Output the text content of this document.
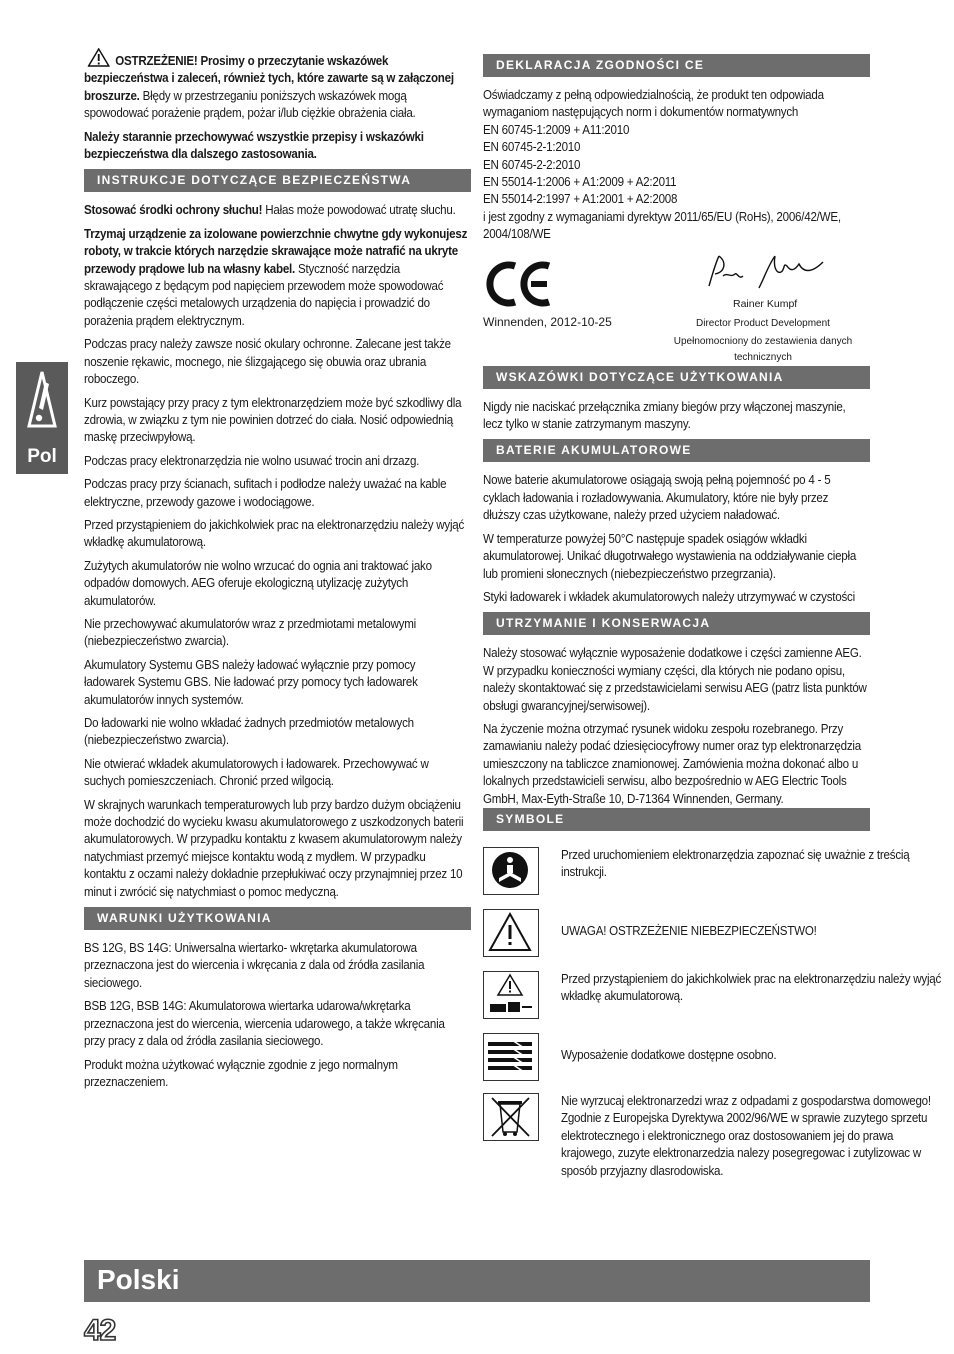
Pol

OSTRZEŻENIE! Prosimy o przeczytanie wskazówek bezpieczeństwa i zaleceń, również tych, które zawarte są w załączonej broszurze. Błędy w przestrzeganiu poniższych wskazówek mogą spowodować porażenie prądem, pożar i/lub ciężkie obrażenia ciała.

Należy starannie przechowywać wszystkie przepisy i wskazówki bezpieczeństwa dla dalszego zastosowania.

INSTRUKCJE DOTYCZĄCE BEZPIECZEŃSTWA

Stosować środki ochrony słuchu! Hałas może powodować utratę słuchu.

Trzymaj urządzenie za izolowane powierzchnie chwytne gdy wykonujesz roboty, w trakcie których narzędzie skrawające może natrafić na ukryte przewody prądowe lub na własny kabel. Styczność narzędzia skrawającego z będącym pod napięciem przewodem może spowodować podłączenie części metalowych urządzenia do napięcia i prowadzić do porażenia prądem elektrycznym.

Podczas pracy należy zawsze nosić okulary ochronne. Zalecane jest także noszenie rękawic, mocnego, nie ślizgającego się obuwia oraz ubrania roboczego.

Kurz powstający przy pracy z tym elektronarzędziem może być szkodliwy dla zdrowia, w związku z tym nie powinien dotrzeć do ciała. Nosić odpowiednią maskę przeciwpyłową.

Podczas pracy elektronarzędzia nie wolno usuwać trocin ani drzazg.

Podczas pracy przy ścianach, sufitach i podłodze należy uważać na kable elektryczne, przewody gazowe i wodociągowe.

Przed przystąpieniem do jakichkolwiek prac na elektronarzędziu należy wyjąć wkładkę akumulatorową.

Zużytych akumulatorów nie wolno wrzucać do ognia ani traktować jako odpadów domowych. AEG oferuje ekologiczną utylizację zużytych akumulatorów.

Nie przechowywać akumulatorów wraz z przedmiotami metalowymi (niebezpieczeństwo zwarcia).

Akumulatory Systemu GBS należy ładować wyłącznie przy pomocy ładowarek Systemu GBS. Nie ładować przy pomocy tych ładowarek akumulatorów innych systemów.

Do ładowarki nie wolno wkładać żadnych przedmiotów metalowych (niebezpieczeństwo zwarcia).

Nie otwierać wkładek akumulatorowych i ładowarek. Przechowywać w suchych pomieszczeniach. Chronić przed wilgocią.

W skrajnych warunkach temperaturowych lub przy bardzo dużym obciążeniu może dochodzić do wycieku kwasu akumulatorowego z uszkodzonych baterii akumulatorowych. W przypadku kontaktu z kwasem akumulatorowym należy natychmiast przemyć miejsce kontaktu wodą z mydłem. W przypadku kontaktu z oczami należy dokładnie przepłukiwać oczy przynajmniej przez 10 minut i zwrócić się natychmiast o pomoc medyczną.

WARUNKI UŻYTKOWANIA

BS 12G, BS 14G: Uniwersalna wiertarko- wkrętarka akumulatorowa przeznaczona jest do wiercenia i wkręcania z dala od źródła zasilania sieciowego.

BSB 12G, BSB 14G: Akumulatorowa wiertarka udarowa/wkrętarka przeznaczona jest do wiercenia, wiercenia udarowego, a także wkręcania przy pracy z dala od źródła zasilania sieciowego.

Produkt można użytkować wyłącznie zgodnie z jego normalnym przeznaczeniem.

DEKLARACJA ZGODNOŚCI CE

Oświadczamy z pełną odpowiedzialnością, że produkt ten odpowiada wymaganiom następujących norm i dokumentów normatywnych

EN 60745-1:2009 + A11:2010

EN 60745-2-1:2010

EN 60745-2-2:2010

EN 55014-1:2006 + A1:2009 + A2:2011

EN 55014-2:1997 + A1:2001 + A2:2008

i jest zgodny z wymaganiami dyrektyw 2011/65/EU (RoHs), 2006/42/WE, 2004/108/WE

Winnenden, 2012-10-25
Rainer Kumpf
Director Product Development
Upełnomocniony do zestawienia danych technicznych
WSKAZÓWKI DOTYCZĄCE UŻYTKOWANIA

Nigdy nie naciskać przełącznika zmiany biegów przy włączonej maszynie, lecz tylko w stanie zatrzymanym maszyny.

BATERIE AKUMULATOROWE

Nowe baterie akumulatorowe osiągają swoją pełną pojemność po 4 - 5 cyklach ładowania i rozładowywania. Akumulatory, które nie były przez dłuższy czas użytkowane, należy przed użyciem naładować.

W temperaturze powyżej 50°C następuje spadek osiągów wkładki akumulatorowej. Unikać długotrwałego wystawienia na oddziaływanie ciepła lub promieni słonecznych (niebezpieczeństwo przegrzania).

Styki ładowarek i wkładek akumulatorowych należy utrzymywać w czystości

UTRZYMANIE I KONSERWACJA

Należy stosować wyłącznie wyposażenie dodatkowe i części zamienne AEG. W przypadku konieczności wymiany części, dla których nie podano opisu, należy skontaktować się z przedstawicielami serwisu AEG (patrz lista punktów obsługi gwarancyjnej/serwisowej).

Na życzenie można otrzymać rysunek widoku zespołu rozebranego. Przy zamawianiu należy podać dziesięciocyfrowy numer oraz typ elektronarzędzia umieszczony na tabliczce znamionowej. Zamówienia można dokonać albo u lokalnych przedstawicieli serwisu, albo bezpośrednio w AEG Electric Tools GmbH, Max-Eyth-Straße 10, D-71364 Winnenden, Germany.

SYMBOLE

Przed uruchomieniem elektronarzędzia zapoznać się uważnie z treścią instrukcji.

UWAGA! OSTRZEŻENIE NIEBEZPIECZEŃSTWO!

Przed przystąpieniem do jakichkolwiek prac na elektronarzędziu należy wyjąć wkładkę akumulatorową.

Wyposażenie dodatkowe dostępne osobno.

Nie wyrzucaj elektronarzedzi wraz z odpadami z gospodarstwa domowego! Zgodnie z Europejska Dyrektywa 2002/96/WE w sprawie zuzytego sprzetu elektrotecznego i elektronicznego oraz dostosowaniem jej do prawa krajowego, zuzyte elektronarzedzia nalezy posegregowac i zutylizowac w sposób przyjazny dlasrodowiska.

Polski
42
